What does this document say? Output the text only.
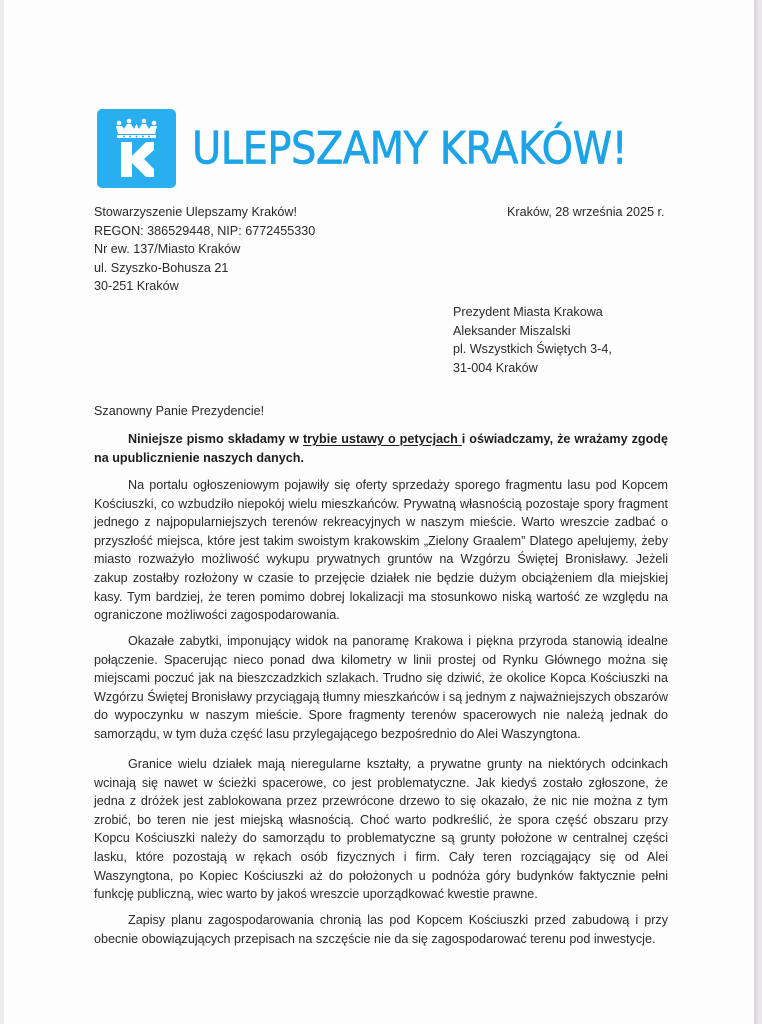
ULEPSZAMY KRAKÓW!
Stowarzyszenie Ulepszamy Kraków!
REGON: 386529448, NIP: 6772455330
Nr ew. 137/Miasto Kraków
ul. Szyszko-Bohusza 21
30-251 Kraków
Kraków, 28 września 2025 r.
Prezydent Miasta Krakowa
Aleksander Miszalski
pl. Wszystkich Świętych 3-4,
31-004 Kraków
Szanowny Panie Prezydencie!

Niniejsze pismo składamy w trybie ustawy o petycjach i oświadczamy, że wrażamy zgodę na upublicznienie naszych danych.

Na portalu ogłoszeniowym pojawiły się oferty sprzedaży sporego fragmentu lasu pod Kopcem Kościuszki, co wzbudziło niepokój wielu mieszkańców. Prywatną własnością pozostaje spory fragment jednego z najpopularniejszych terenów rekreacyjnych w naszym mieście. Warto wreszcie zadbać o przyszłość miejsca, które jest takim swoistym krakowskim „Zielony Graalem” Dlatego apelujemy, żeby miasto rozważyło możliwość wykupu prywatnych gruntów na Wzgórzu Świętej Bronisławy. Jeżeli zakup zostałby rozłożony w czasie to przejęcie działek nie będzie dużym obciążeniem dla miejskiej kasy. Tym bardziej, że teren pomimo dobrej lokalizacji ma stosunkowo niską wartość ze względu na ograniczone możliwości zagospodarowania.

Okazałe zabytki, imponujący widok na panoramę Krakowa i piękna przyroda stanowią idealne połączenie. Spacerując nieco ponad dwa kilometry w linii prostej od Rynku Głównego można się miejscami poczuć jak na bieszczadzkich szlakach. Trudno się dziwić, że okolice Kopca Kościuszki na Wzgórzu Świętej Bronisławy przyciągają tłumny mieszkańców i są jednym z najważniejszych obszarów do wypoczynku w naszym mieście. Spore fragmenty terenów spacerowych nie należą jednak do samorządu, w tym duża część lasu przylegającego bezpośrednio do Alei Waszyngtona.

Granice wielu działek mają nieregularne kształty, a prywatne grunty na niektórych odcinkach wcinają się nawet w ścieżki spacerowe, co jest problematyczne. Jak kiedyś zostało zgłoszone, że jedna z dróżek jest zablokowana przez przewrócone drzewo to się okazało, że nic nie można z tym zrobić, bo teren nie jest miejską własnością. Choć warto podkreślić, że spora część obszaru przy Kopcu Kościuszki należy do samorządu to problematyczne są grunty położone w centralnej części lasku, które pozostają w rękach osób fizycznych i firm. Cały teren rozciągający się od Alei Waszyngtona, po Kopiec Kościuszki aż do położonych u podnóża góry budynków faktycznie pełni funkcję publiczną, wiec warto by jakoś wreszcie uporządkować kwestie prawne.

Zapisy planu zagospodarowania chronią las pod Kopcem Kościuszki przed zabudową i przy obecnie obowiązujących przepisach na szczęście nie da się zagospodarować terenu pod inwestycje.
